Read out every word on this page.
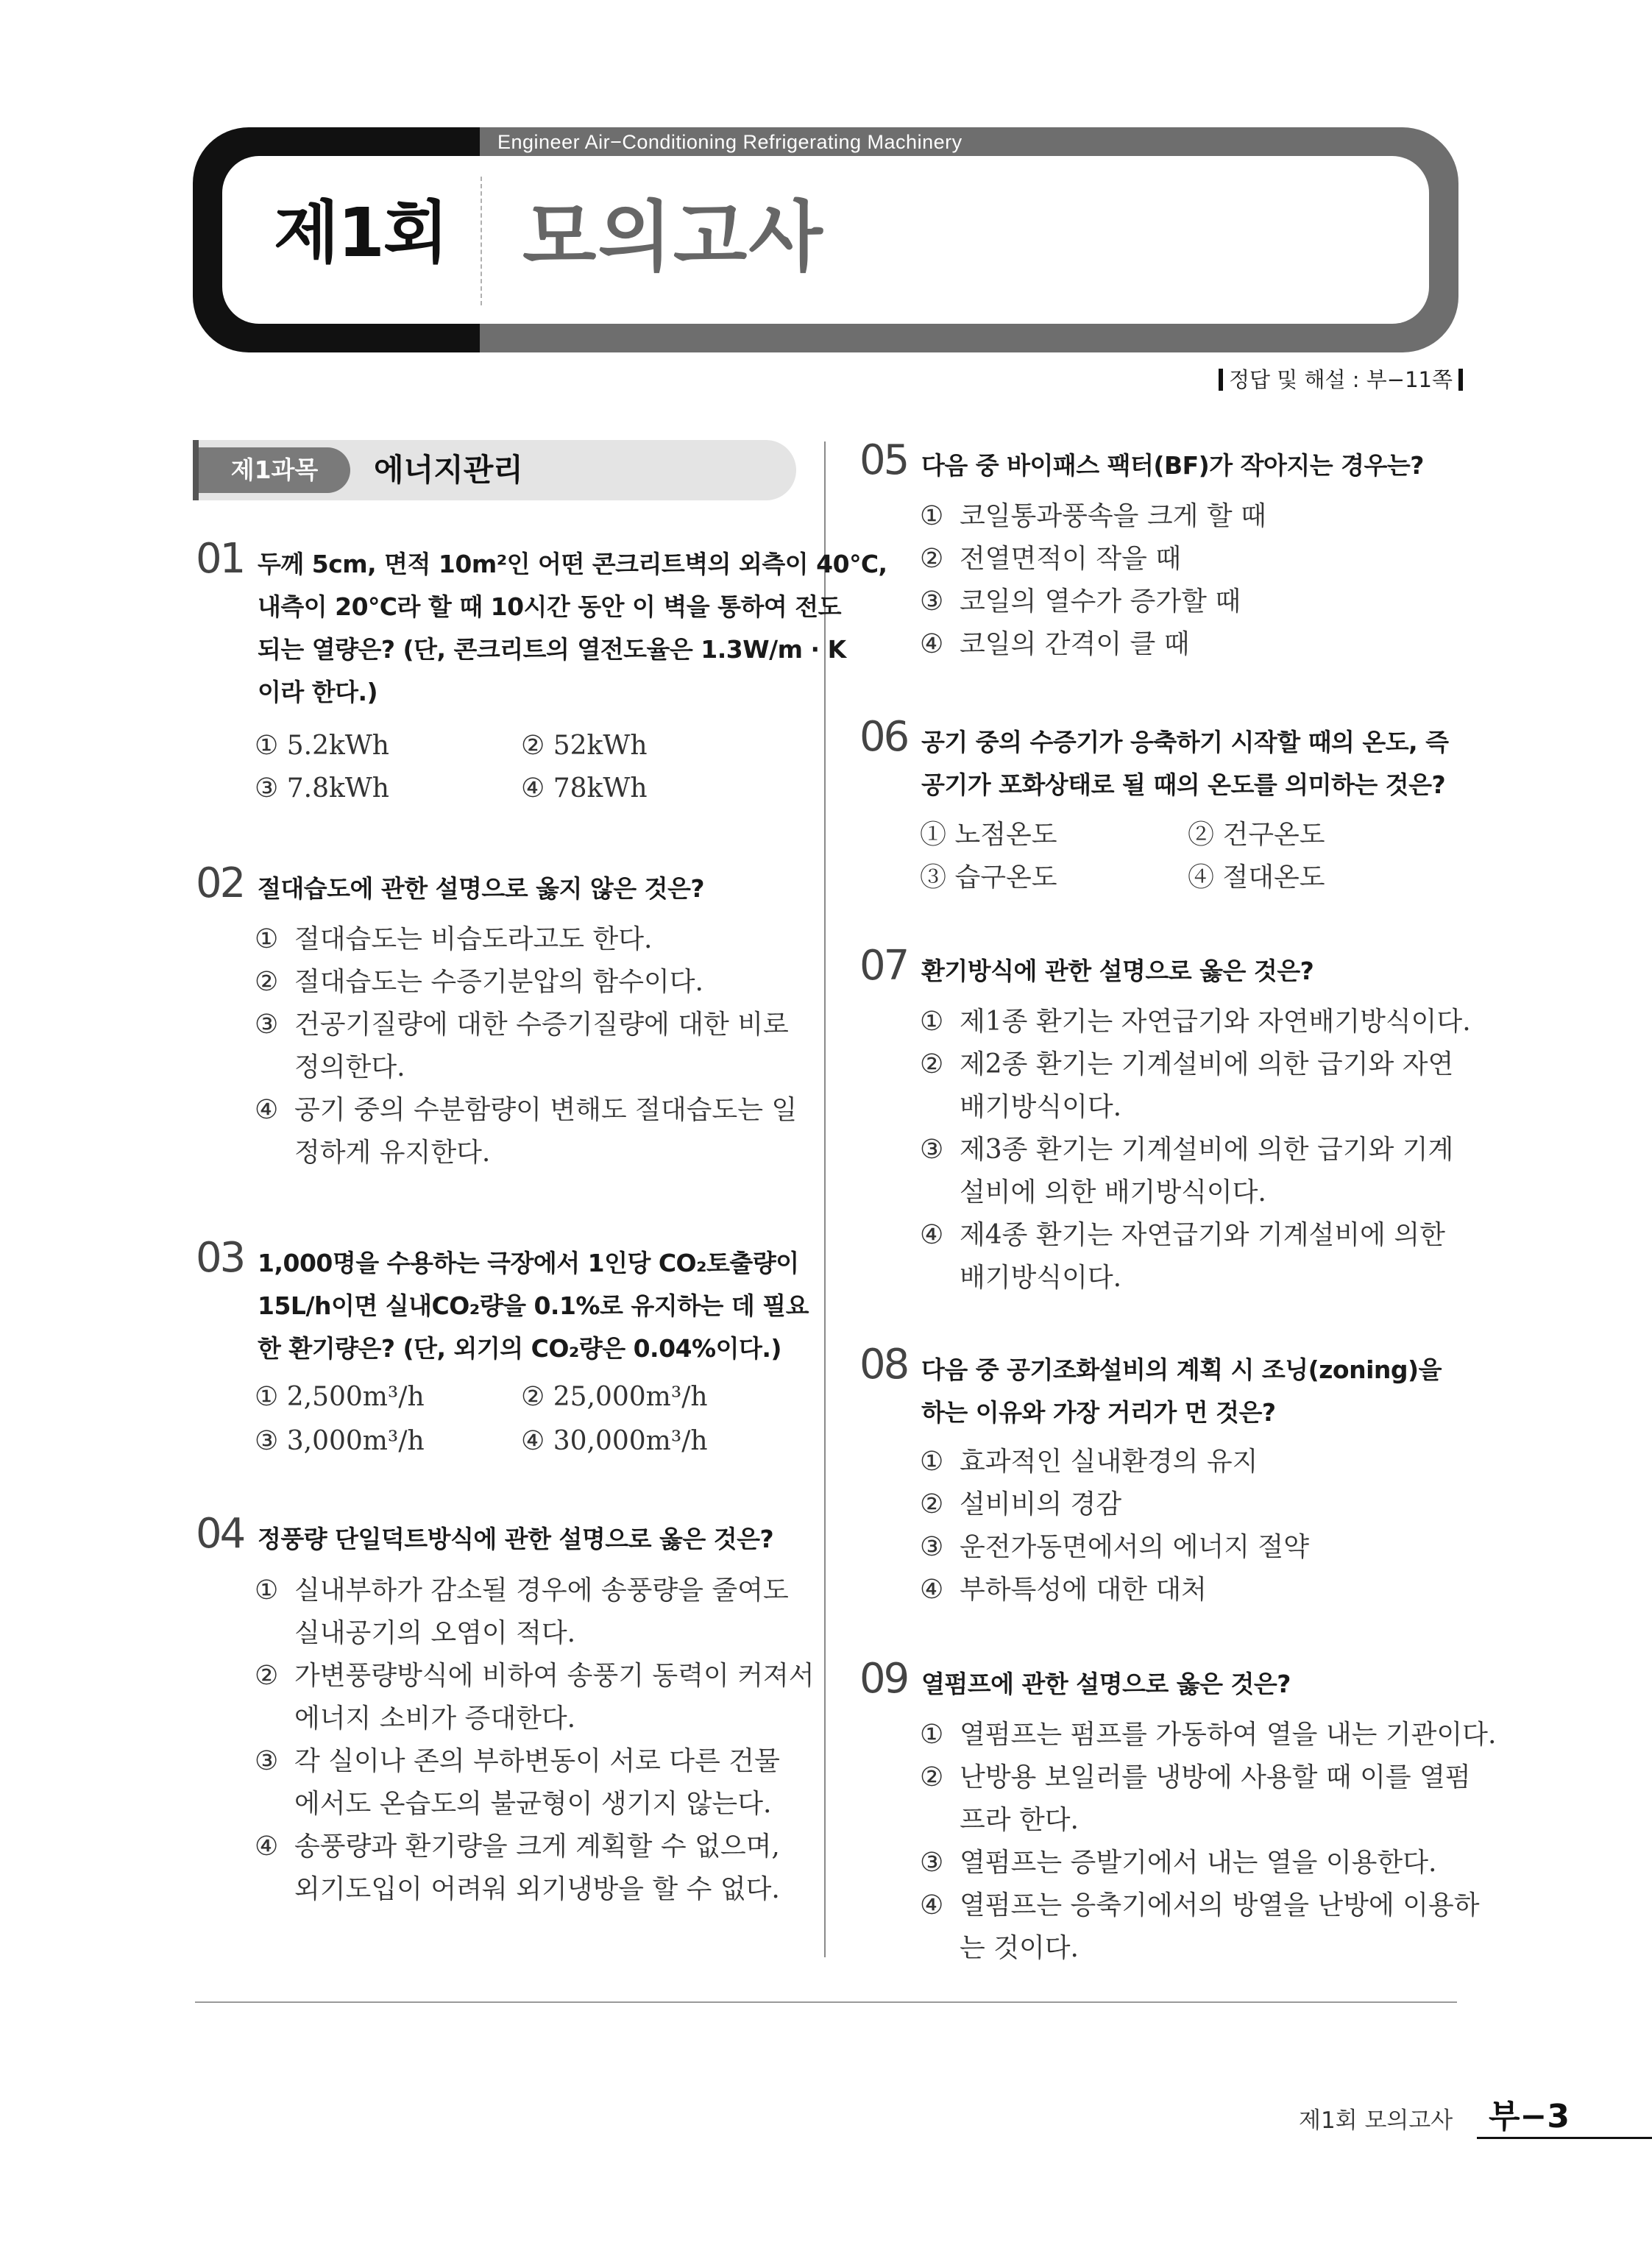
Engineer Air−Conditioning Refrigerating Machinery
제1회 모의고사
정답 및 해설 : 부−11쪽
제1과목	에너지관리
01 두께 5cm, 면적 10m²인 어떤 콘크리트벽의 외측이 40℃,
내측이 20℃라 할 때 10시간 동안 이 벽을 통하여 전도
되는 열량은? (단, 콘크리트의 열전도율은 1.3W/m · K
이라 한다.)
① 5.2kWh	② 52kWh
③ 7.8kWh	④ 78kWh
02 절대습도에 관한 설명으로 옳지 않은 것은?
① 절대습도는 비습도라고도 한다.
② 절대습도는 수증기분압의 함수이다.
③ 건공기질량에 대한 수증기질량에 대한 비로
정의한다.
④ 공기 중의 수분함량이 변해도 절대습도는 일
정하게 유지한다.
03 1,000명을 수용하는 극장에서 1인당 CO₂토출량이
15L/h이면 실내CO₂량을 0.1%로 유지하는 데 필요
한 환기량은? (단, 외기의 CO₂량은 0.04%이다.)
① 2,500m³/h	② 25,000m³/h
③ 3,000m³/h	④ 30,000m³/h
04 정풍량 단일덕트방식에 관한 설명으로 옳은 것은?
① 실내부하가 감소될 경우에 송풍량을 줄여도
실내공기의 오염이 적다.
② 가변풍량방식에 비하여 송풍기 동력이 커져서
에너지 소비가 증대한다.
③ 각 실이나 존의 부하변동이 서로 다른 건물
에서도 온습도의 불균형이 생기지 않는다.
④ 송풍량과 환기량을 크게 계획할 수 없으며,
외기도입이 어려워 외기냉방을 할 수 없다.
05 다음 중 바이패스 팩터(BF)가 작아지는 경우는?
① 코일통과풍속을 크게 할 때
② 전열면적이 작을 때
③ 코일의 열수가 증가할 때
④ 코일의 간격이 클 때
06 공기 중의 수증기가 응축하기 시작할 때의 온도, 즉
공기가 포화상태로 될 때의 온도를 의미하는 것은?
① 노점온도	② 건구온도
③ 습구온도	④ 절대온도
07 환기방식에 관한 설명으로 옳은 것은?
① 제1종 환기는 자연급기와 자연배기방식이다.
② 제2종 환기는 기계설비에 의한 급기와 자연
배기방식이다.
③ 제3종 환기는 기계설비에 의한 급기와 기계
설비에 의한 배기방식이다.
④ 제4종 환기는 자연급기와 기계설비에 의한
배기방식이다.
08 다음 중 공기조화설비의 계획 시 조닝(zoning)을
하는 이유와 가장 거리가 먼 것은?
① 효과적인 실내환경의 유지
② 설비비의 경감
③ 운전가동면에서의 에너지 절약
④ 부하특성에 대한 대처
09 열펌프에 관한 설명으로 옳은 것은?
① 열펌프는 펌프를 가동하여 열을 내는 기관이다.
② 난방용 보일러를 냉방에 사용할 때 이를 열펌
프라 한다.
③ 열펌프는 증발기에서 내는 열을 이용한다.
④ 열펌프는 응축기에서의 방열을 난방에 이용하
는 것이다.
제1회 모의고사 부−3
